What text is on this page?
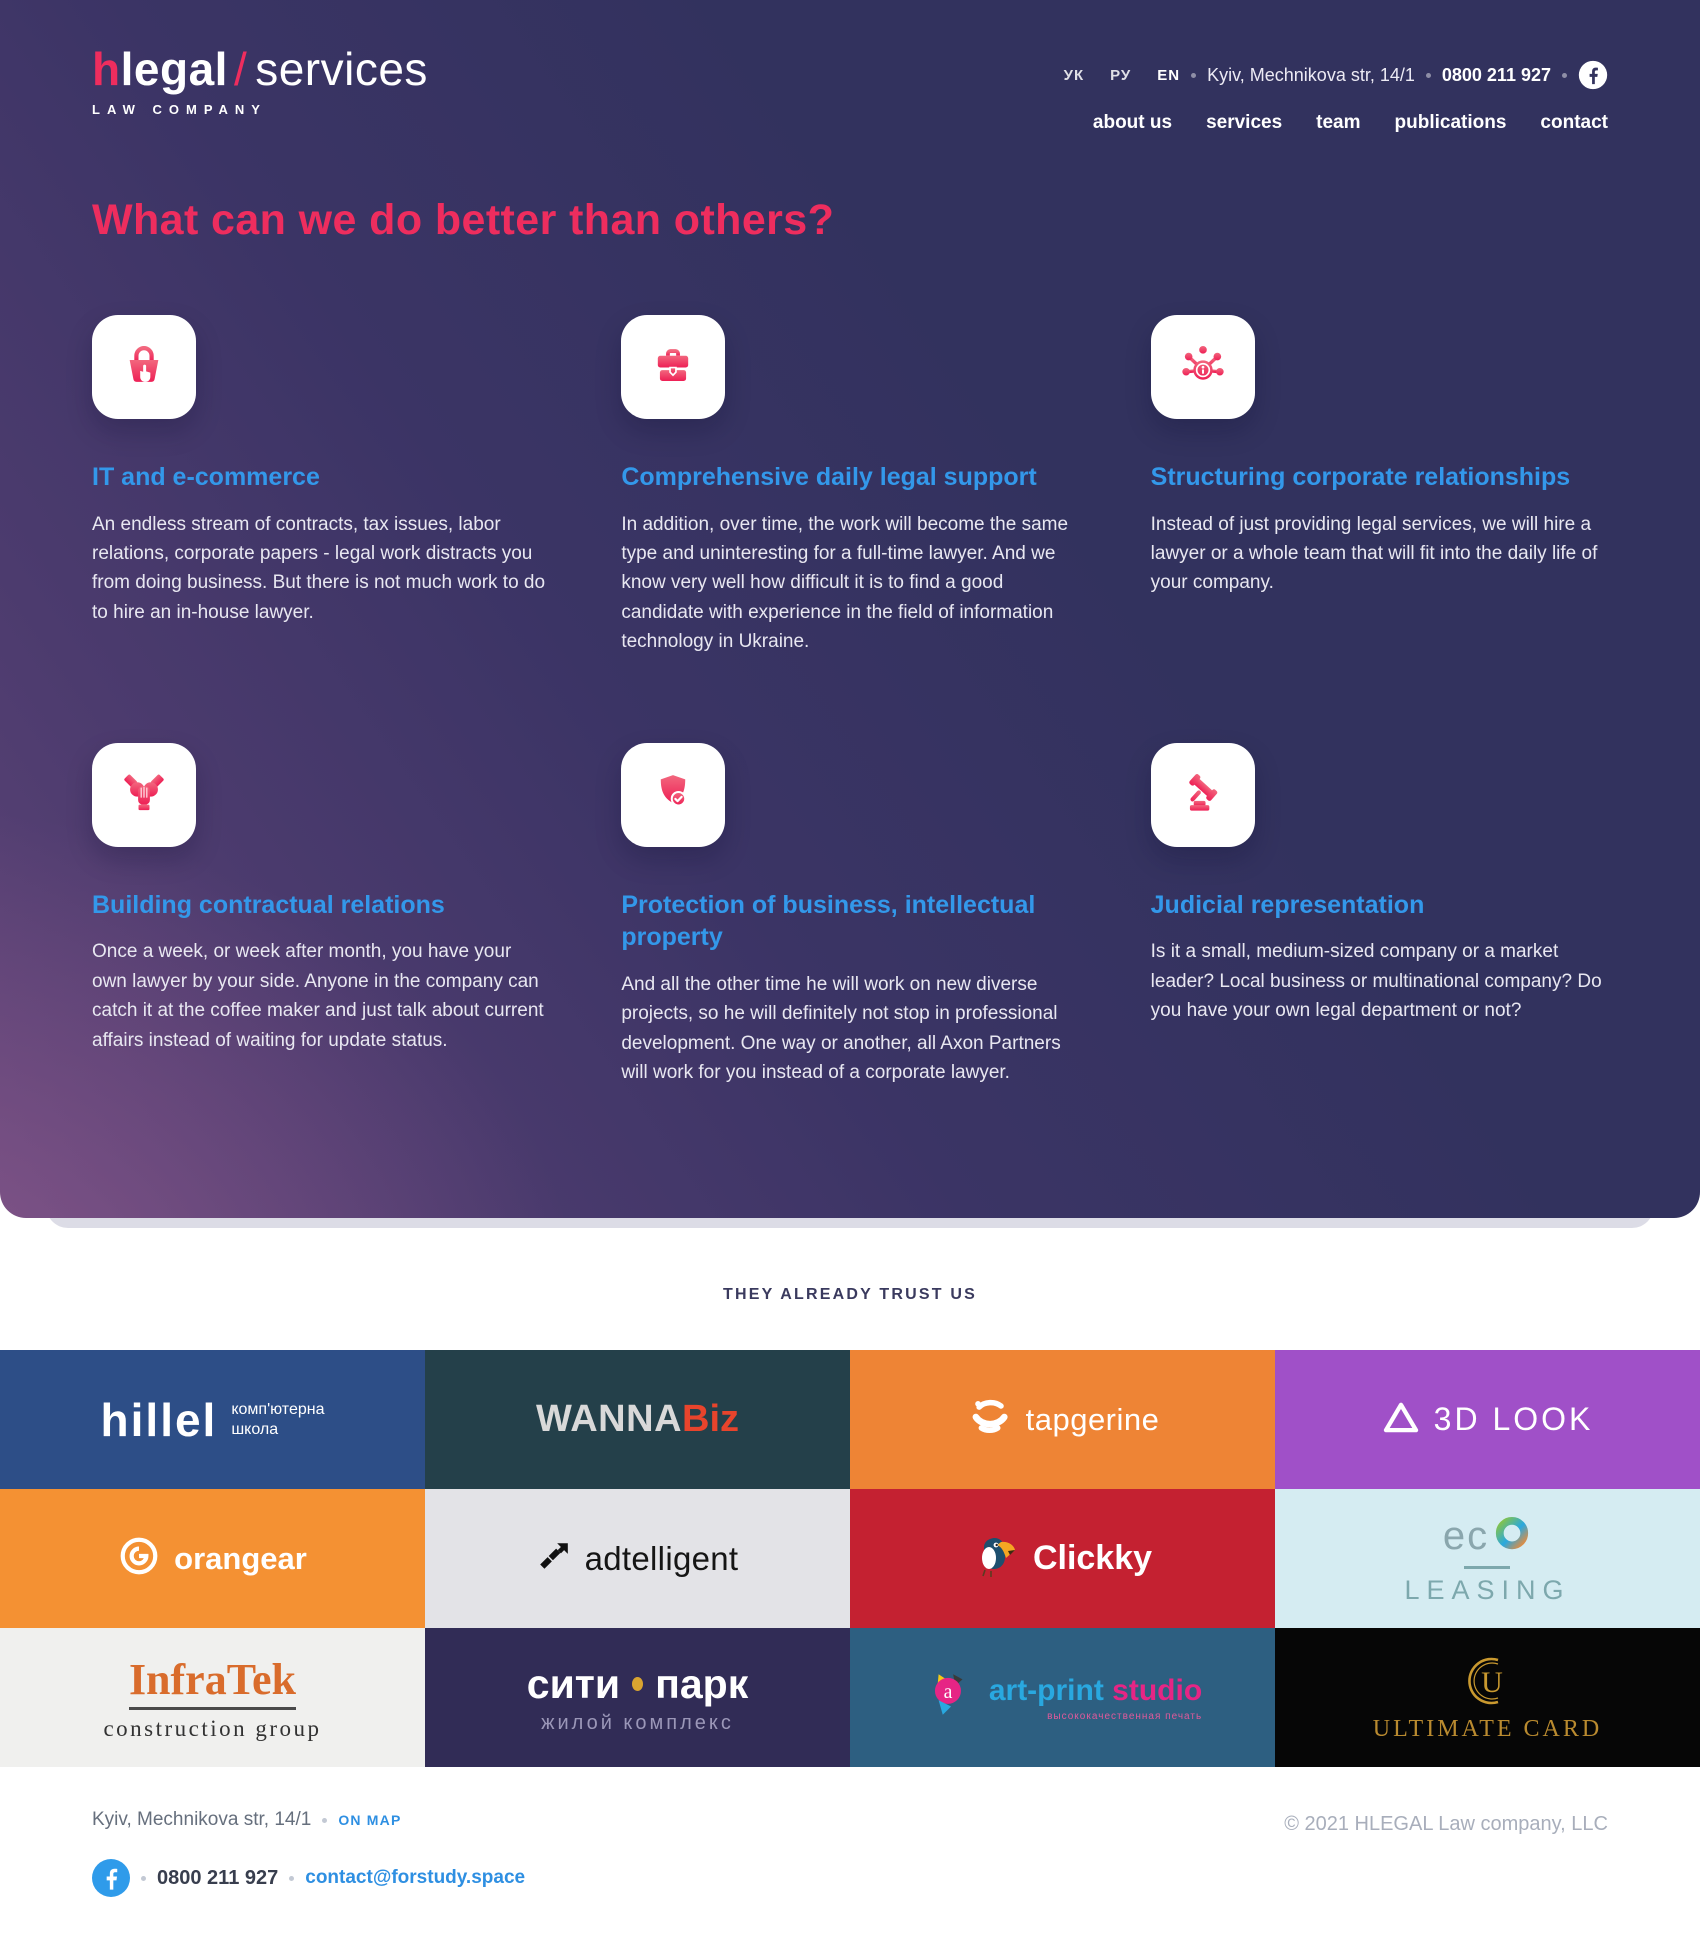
hlegal / services
LAW COMPANY
УК РУ EN Kyiv, Mechnikova str, 14/1 0800 211 927
about us services team publications contact
What can we do better than others?
IT and e-commerce

An endless stream of contracts, tax issues, labor relations, corporate papers - legal work distracts you from doing business. But there is not much work to do to hire an in-house lawyer.

Comprehensive daily legal support

In addition, over time, the work will become the same type and uninteresting for a full-time lawyer. And we know very well how difficult it is to find a good candidate with experience in the field of information technology in Ukraine.

Structuring corporate relationships

Instead of just providing legal services, we will hire a lawyer or a whole team that will fit into the daily life of your company.

Building contractual relations

Once a week, or week after month, you have your own lawyer by your side. Anyone in the company can catch it at the coffee maker and just talk about current affairs instead of waiting for update status.

Protection of business, intellectual property

And all the other time he will work on new diverse projects, so he will definitely not stop in professional development. One way or another, all Axon Partners will work for you instead of a corporate lawyer.

Judicial representation

Is it a small, medium-sized company or a market leader? Local business or multinational company? Do you have your own legal department or not?

THEY ALREADY TRUST US
hillel комп'ютерна
школа	WANNABiz	tapgerine	3D LOOK
orangear	adtelligent	Clickky	ec
LEASING
InfraTek
construction group
сити парк
жилой комплекс
a art-print studio
высококачественная печать
U
ULTIMATE CARD
Kyiv, Mechnikova str, 14/1 ON MAP
0800 211 927 contact@forstudy.space
© 2021 HLEGAL Law company, LLC
